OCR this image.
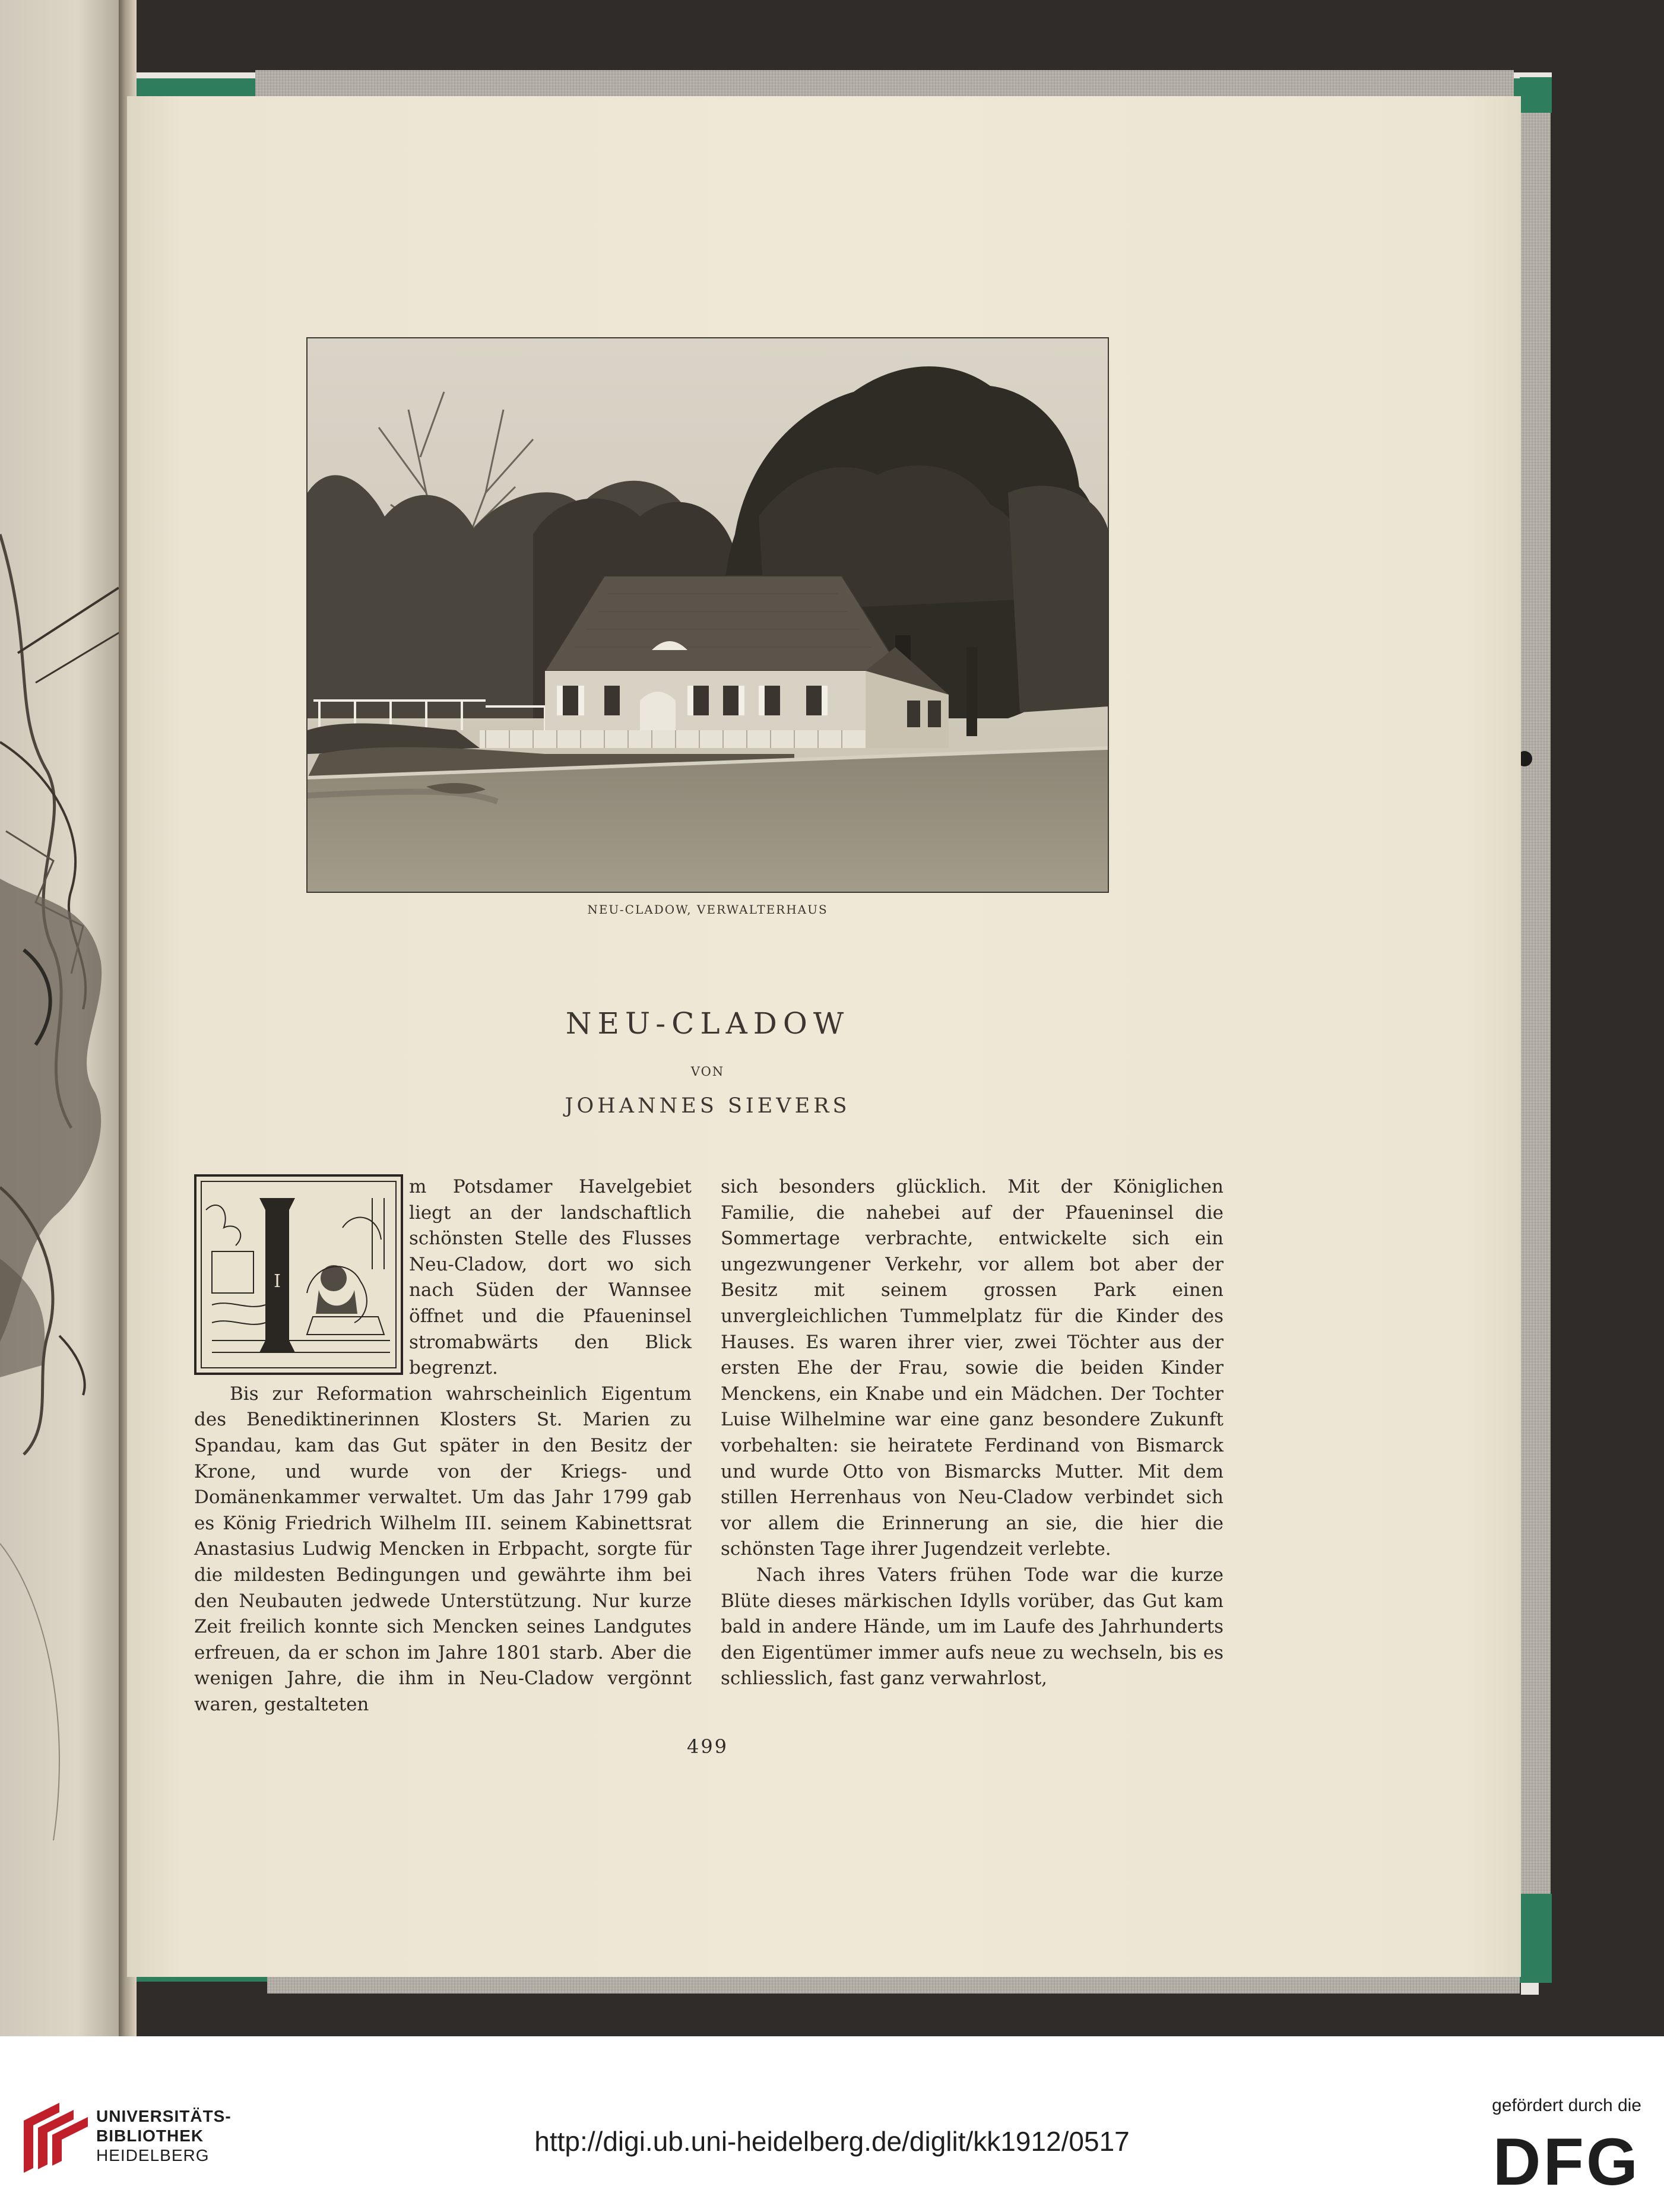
NEU-CLADOW, VERWALTERHAUS
NEU-CLADOW
VON
JOHANNES SIEVERS
I

m Potsdamer Havelgebiet liegt an der landschaftlich schönsten Stelle des Flusses Neu-Cladow, dort wo sich nach Süden der Wannsee öffnet und die Pfaueninsel stromabwärts den Blick begrenzt.

Bis zur Reformation wahrscheinlich Eigentum des Benediktinerinnen Klosters St. Marien zu Spandau, kam das Gut später in den Besitz der Krone, und wurde von der Kriegs- und Domänenkammer verwaltet. Um das Jahr 1799 gab es König Friedrich Wilhelm III. seinem Kabinettsrat Anastasius Ludwig Mencken in Erbpacht, sorgte für die mildesten Bedingungen und gewährte ihm bei den Neubauten jedwede Unterstützung. Nur kurze Zeit freilich konnte sich Mencken seines Landgutes erfreuen, da er schon im Jahre 1801 starb. Aber die wenigen Jahre, die ihm in Neu-Cladow vergönnt waren, gestalteten

sich besonders glücklich. Mit der Königlichen Familie, die nahebei auf der Pfaueninsel die Sommertage verbrachte, entwickelte sich ein ungezwungener Verkehr, vor allem bot aber der Besitz mit seinem grossen Park einen unvergleichlichen Tummelplatz für die Kinder des Hauses. Es waren ihrer vier, zwei Töchter aus der ersten Ehe der Frau, sowie die beiden Kinder Menckens, ein Knabe und ein Mädchen. Der Tochter Luise Wilhelmine war eine ganz besondere Zukunft vorbehalten: sie heiratete Ferdinand von Bismarck und wurde Otto von Bismarcks Mutter. Mit dem stillen Herrenhaus von Neu-Cladow verbindet sich vor allem die Erinnerung an sie, die hier die schönsten Tage ihrer Jugendzeit verlebte.

Nach ihres Vaters frühen Tode war die kurze Blüte dieses märkischen Idylls vorüber, das Gut kam bald in andere Hände, um im Laufe des Jahrhunderts den Eigentümer immer aufs neue zu wechseln, bis es schliesslich, fast ganz verwahrlost,

499
UNIVERSITÄTS-
BIBLIOTHEK
HEIDELBERG	http://digi.ub.uni-heidelberg.de/diglit/kk1912/0517
gefördert durch die
DFG
